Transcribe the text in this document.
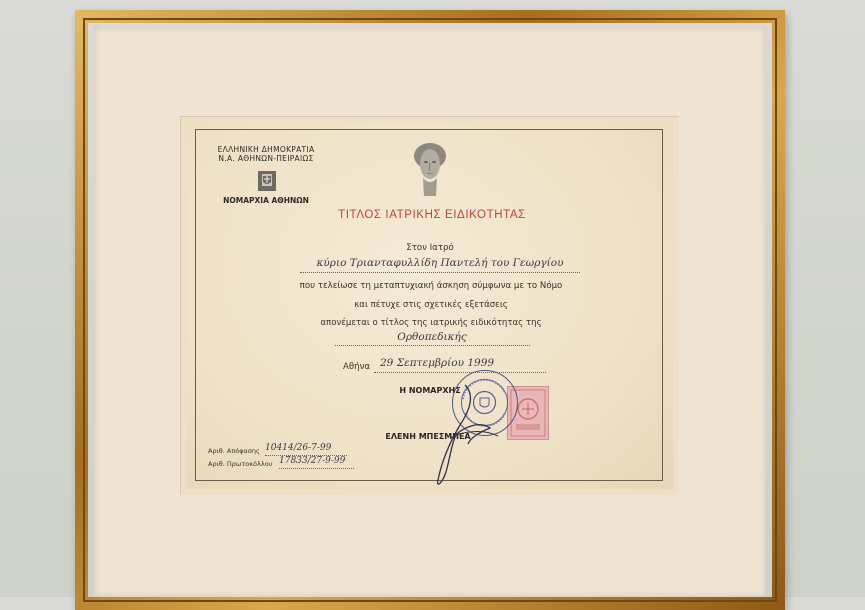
ΕΛΛΗΝΙΚΗ ΔΗΜΟΚΡΑΤΙΑ
Ν.Α. ΑΘΗΝΩΝ-ΠΕΙΡΑΙΩΣ
ΝΟΜΑΡΧΙΑ ΑΘΗΝΩΝ
ΤΙΤΛΟΣ ΙΑΤΡΙΚΗΣ ΕΙΔΙΚΟΤΗΤΑΣ
Στον Ιατρό
κύριο Τριανταφυλλίδη Παντελή του Γεωργίου
που τελείωσε τη μεταπτυχιακή άσκηση σύμφωνα με το Νόμο
και πέτυχε στις σχετικές εξετάσεις
απονέμεται ο τίτλος της ιατρικής ειδικότητας της
Ορθοπεδικής
Αθήνα 29 Σεπτεμβρίου 1999
Η ΝΟΜΑΡΧΗΣ
ΕΛΕΝΗ ΜΠΕΣΜΠΕΑ
Αριθ. Απόφασης 10414/26-7-99
Αριθ. Πρωτοκόλλου 17833/27-9-99
